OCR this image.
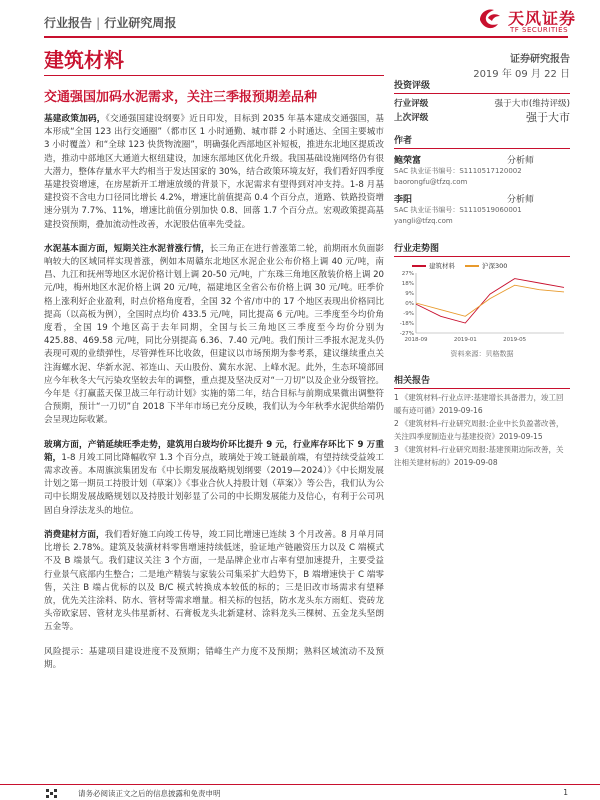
行业报告 | 行业研究周报	天风证券
TF SECURITIES
建筑材料	证券研究报告
2019 年 09 月 22 日
交通强国加码水泥需求，关注三季报预期差品种

基建政策加码，《交通强国建设纲要》近日印发，目标到 2035 年基本建成交通强国，基本形成“全国 123 出行交通圈”（都市区 1 小时通勤、城市群 2 小时通达、全国主要城市 3 小时覆盖）和“全球 123 快货物流圈”，明确强化西部地区补短板，推进东北地区提质改造，推动中部地区大通道大枢纽建设，加速东部地区优化升级。我国基础设施网络仍有很大潜力，整体存量水平大约相当于发达国家的 30%，结合政策环境友好，我们看好四季度基建投资增速，在房屋新开工增速放缓的背景下，水泥需求有望得到对冲支持。1-8 月基建投资不含电力口径同比增长 4.2%，增速比前值提高 0.4 个百分点，道路、铁路投资增速分别为 7.7%、11%，增速比前值分别加快 0.8、回落 1.7 个百分点。宏观政策提高基建投资预期，叠加流动性改善，水泥股估值率先受益。

水泥基本面方面，短期关注水泥普涨行情，长三角正在进行普涨第二轮，前期雨水负面影响较大的区域同样实现普涨，例如本周赣东北地区水泥企业公布价格上调 40 元/吨，南昌、九江和抚州等地区水泥价格计划上调 20-50 元/吨，广东珠三角地区散装价格上调 20 元/吨，梅州地区水泥价格上调 20 元/吨，福建地区全省公布价格上调 30 元/吨。旺季价格上涨利好企业盈利，时点价格角度看，全国 32 个省/市中的 17 个地区表现出价格同比提高（以高板为例），全国时点均价 433.5 元/吨，同比提高 6 元/吨。三季度至今均价角度看，全国 19 个地区高于去年同期，全国与长三角地区三季度至今均价分别为 425.88、469.58 元/吨，同比分别提高 6.36、7.40 元/吨。我们预计三季报水泥龙头仍表现可观的业绩弹性，尽管弹性环比收敛，但建议以市场预期为参考系，建议继续重点关注海螺水泥、华新水泥、祁连山、天山股份、冀东水泥、上峰水泥。此外，生态环境部回应今年秋冬大气污染攻坚较去年的调整，重点提及坚决反对“一刀切”以及企业分级管控。今年是《打赢蓝天保卫战三年行动计划》实施的第二年，结合目标与前期成果微出调整符合预期，预计“一刀切”自 2018 下半年市场已充分反映，我们认为今年秋季水泥供给端仍会呈现边际收紧。

玻璃方面，产销延续旺季走势，建筑用白玻均价环比提升 9 元，行业库存环比下 9 万重箱，1-8 月竣工同比降幅收窄 1.3 个百分点，玻璃处于竣工链最前端，有望持续受益竣工需求改善。本周旗滨集团发布《中长期发展战略规划纲要（2019—2024）》《中长期发展计划之第一期员工持股计划（草案）》《事业合伙人持股计划（草案）》等公告，我们认为公司中长期发展战略规划以及持股计划彰显了公司的中长期发展能力及信心，有利于公司巩固自身浮法龙头的地位。

消费建材方面，我们看好施工向竣工传导，竣工同比增速已连续 3 个月改善。8 月单月同比增长 2.78%。建筑及装潢材料零售增速持续低迷，验证地产链融资压力以及 C 端模式不及 B 端景气。我们建议关注 3 个方面，一是品牌企业市占率有望加速提升，主要受益行业景气底部内生整合；二是地产精装与家装公司集采扩大趋势下，B 端增速快于 C 端零售，关注 B 端占优标的以及 B/C 模式转换成本较低的标的；三是旧改市场需求有望释放，优先关注涂料、防水、管材等需求增量。相关标的包括，防水龙头东方雨虹、瓷砖龙头帝欧家居、管材龙头伟星新材、石膏板龙头北新建材、涂料龙头三棵树、五金龙头坚朗五金等。

风险提示：基建项目建设进度不及预期；错峰生产力度不及预期；熟料区域流动不及预期。

投资评级
行业评级	强于大市(维持评级)
上次评级	强于大市
作者
鲍荣富	分析师
SAC 执业证书编号：S1110517120002
baorongfu@tfzq.com
李阳	分析师
SAC 执业证书编号：S1110519060001
yangli@tfzq.com
行业走势图
建筑材料	沪深300
27%
18%
9%
0%
-9%
-18%
-27%
2018-09	2019-01	2019-05
资料来源：贝格数据
相关报告
1 《建筑材料-行业点评:基建增长具备潜力，竣工回暖有迹可循》2019-09-16
2 《建筑材料-行业研究周报:企业中长负盈著改善，关注四季度制造业与基建投资》2019-09-15
3 《建筑材料-行业研究周报:基建预期边际改善，关注相关建材标的》2019-09-08
请务必阅读正文之后的信息披露和免责申明	1
